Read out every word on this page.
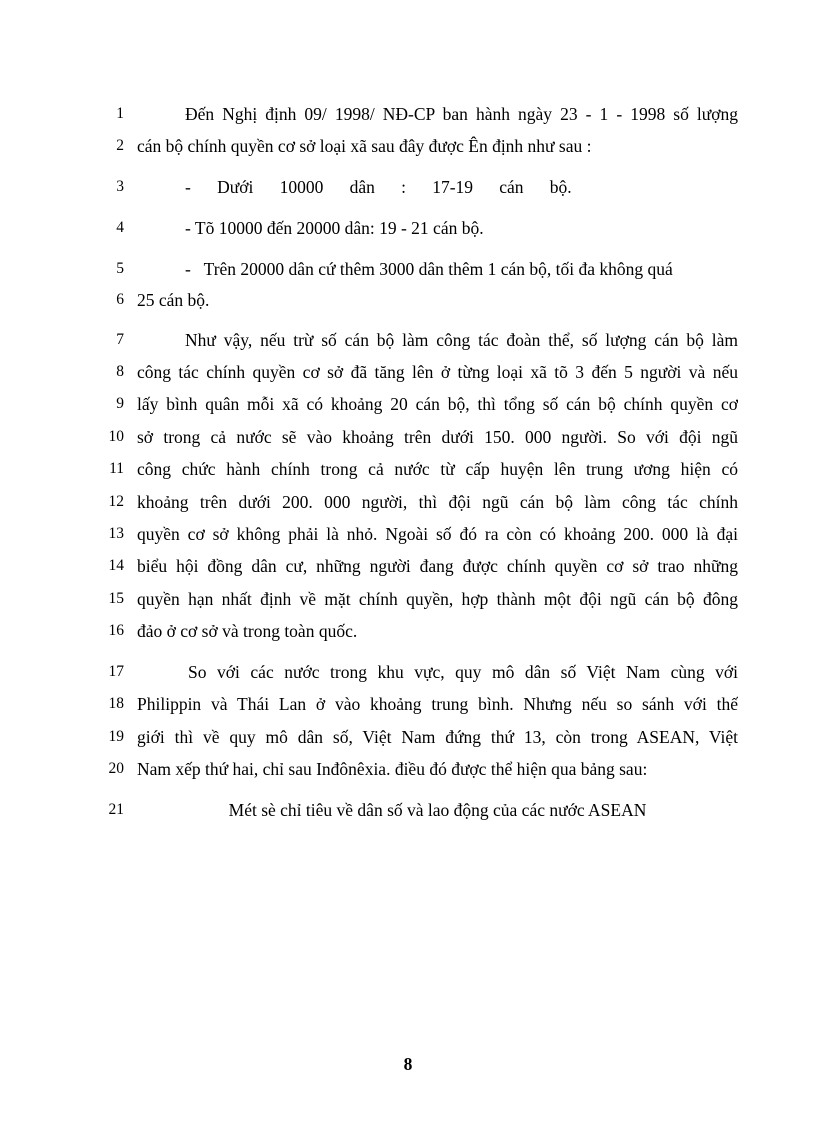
1	Đến Nghị định 09/ 1998/ NĐ-CP ban hành ngày 23 - 1 - 1998 số lượng
2 cán bộ chính quyền cơ sở loại xã sau đây được Ên định như sau :
3	-      Dưới      10000      dân      :      17-19      cán      bộ.
4	- Tõ 10000 đến 20000 dân: 19 - 21 cán bộ.
5	-   Trên 20000 dân cứ thêm 3000 dân thêm 1 cán bộ, tối đa không quá
6 25 cán bộ.
7	Như vậy, nếu trừ số cán bộ làm công tác đoàn thể, số lượng cán bộ làm
8 công tác chính quyền cơ sở đã tăng lên ở từng loại xã tõ 3 đến 5 người và nếu
9 lấy bình quân mỗi xã có khoảng 20 cán bộ, thì tổng số cán bộ chính quyền cơ
10 sở trong cả nước sẽ vào khoảng trên dưới 150. 000 người. So với đội ngũ
11 công chức hành chính trong cả nước từ cấp huyện lên trung ương hiện có
12 khoảng trên dưới 200. 000 người, thì đội ngũ cán bộ làm công tác chính
13 quyền cơ sở không phải là nhỏ. Ngoài số đó ra còn có khoảng 200. 000 là đại
14 biểu hội đồng dân cư, những người đang được chính quyền cơ sở trao những
15 quyền hạn nhất định về mặt chính quyền, hợp thành một đội ngũ cán bộ đông
16 đảo ở cơ sở và trong toàn quốc.
17	So với các nước trong khu vực, quy mô dân số Việt Nam cùng với
18 Philippin và Thái Lan ở vào khoảng trung bình. Nhưng nếu so sánh với thế
19 giới thì về quy mô dân số, Việt Nam đứng thứ 13, còn trong ASEAN, Việt
20 Nam xếp thứ hai, chỉ sau Inđônêxia. điều đó được thể hiện qua bảng sau:
21	Mét sè chỉ tiêu về dân số và lao động của các nước ASEAN
8
